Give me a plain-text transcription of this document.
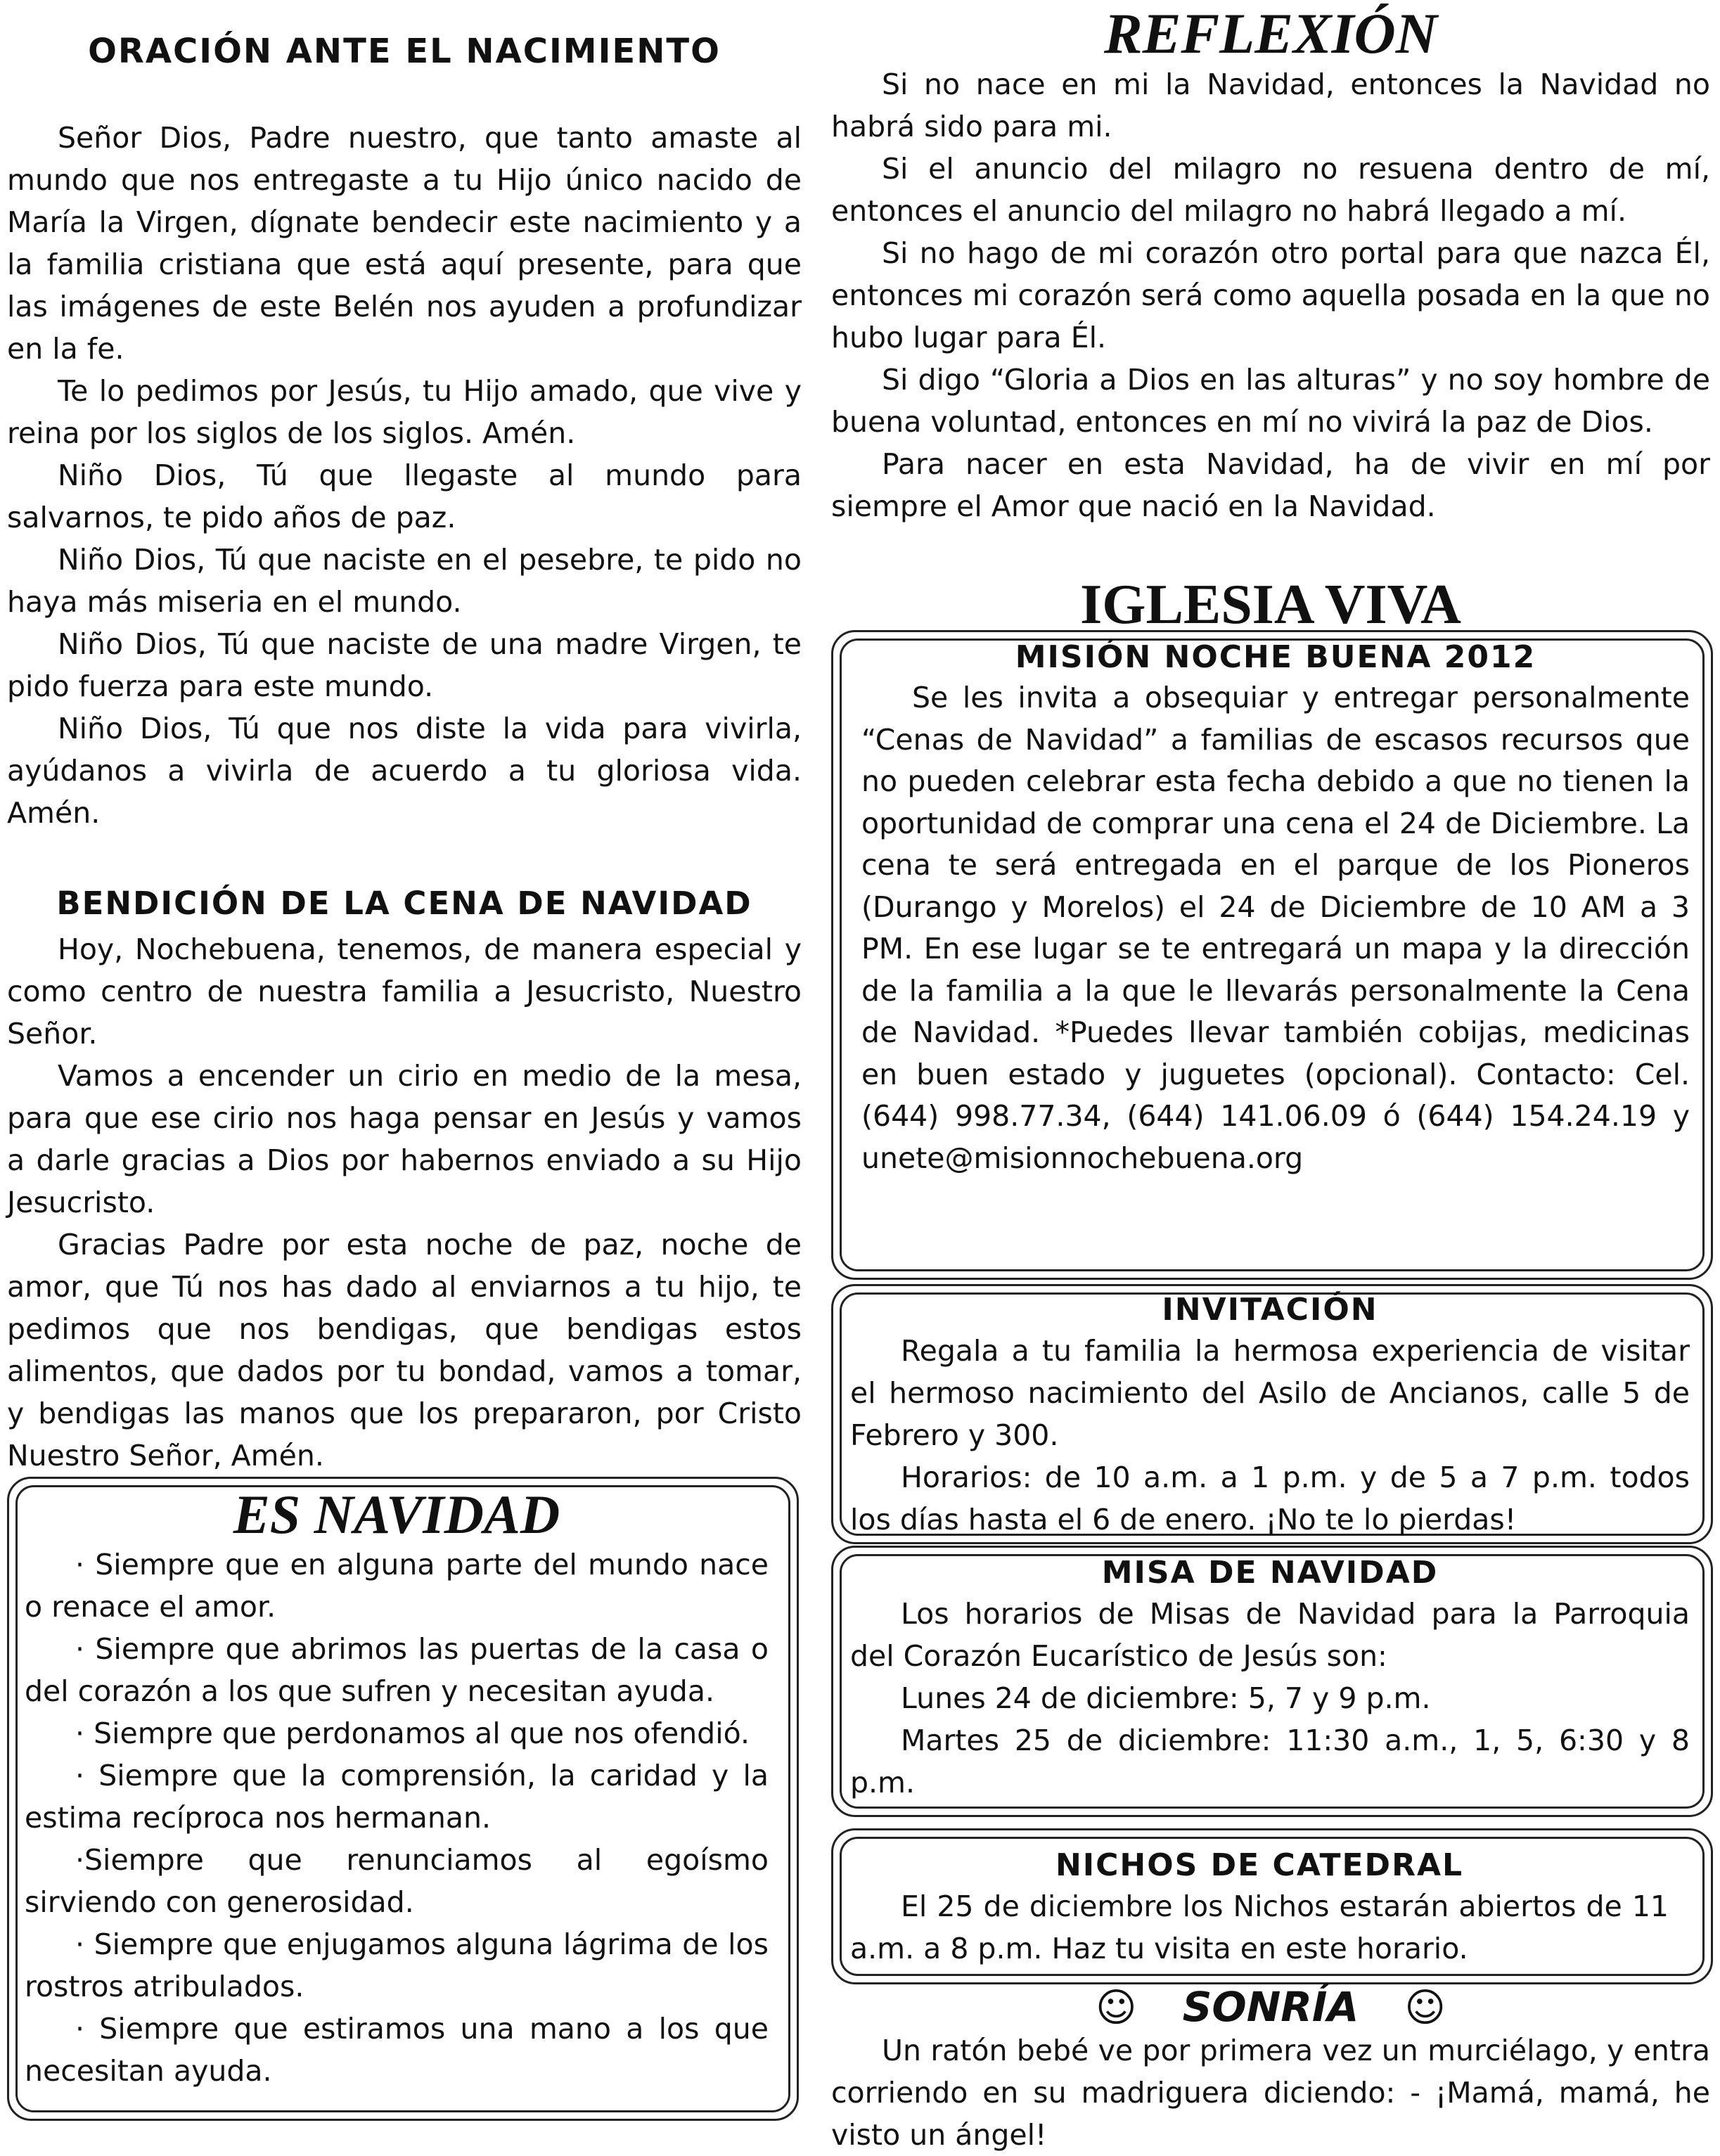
ORACIÓN ANTE EL NACIMIENTO

Señor Dios, Padre nuestro, que tanto amaste al mundo que nos entregaste a tu Hijo único nacido de María la Virgen, dígnate bendecir este nacimiento y a la familia cristiana que está aquí presente, para que las imágenes de este Belén nos ayuden a profundizar en la fe.

Te lo pedimos por Jesús, tu Hijo amado, que vive y reina por los siglos de los siglos. Amén.

Niño Dios, Tú que llegaste al mundo para salvarnos, te pido años de paz.

Niño Dios, Tú que naciste en el pesebre, te pido no haya más miseria en el mundo.

Niño Dios, Tú que naciste de una madre Virgen, te pido fuerza para este mundo.

Niño Dios, Tú que nos diste la vida para vivirla, ayúdanos a vivirla de acuerdo a tu gloriosa vida. Amén.

BENDICIÓN DE LA CENA DE NAVIDAD

Hoy, Nochebuena, tenemos, de manera especial y como centro de nuestra familia a Jesucristo, Nuestro Señor.

Vamos a encender un cirio en medio de la mesa, para que ese cirio nos haga pensar en Jesús y vamos a darle gracias a Dios por habernos enviado a su Hijo Jesucristo.

Gracias Padre por esta noche de paz, noche de amor, que Tú nos has dado al enviarnos a tu hijo, te pedimos que nos bendigas, que bendigas estos alimentos, que dados por tu bondad, vamos a tomar, y bendigas las manos que los prepararon, por Cristo Nuestro Señor, Amén.

ES NAVIDAD

· Siempre que en alguna parte del mundo nace o renace el amor.

· Siempre que abrimos las puertas de la casa o del corazón a los que sufren y necesitan ayuda.

· Siempre que perdonamos al que nos ofendió.

· Siempre que la comprensión, la caridad y la estima recíproca nos hermanan.

·Siempre que renunciamos al egoísmo sirviendo con generosidad.

· Siempre que enjugamos alguna lágrima de los rostros atribulados.

· Siempre que estiramos una mano a los que necesitan ayuda.

REFLEXIÓN

Si no nace en mi la Navidad, entonces la Navidad no habrá sido para mi.

Si el anuncio del milagro no resuena dentro de mí, entonces el anuncio del milagro no habrá llegado a mí.

Si no hago de mi corazón otro portal para que nazca Él, entonces mi corazón será como aquella posada en la que no hubo lugar para Él.

Si digo “Gloria a Dios en las alturas” y no soy hombre de buena voluntad, entonces en mí no vivirá la paz de Dios.

Para nacer en esta Navidad, ha de vivir en mí por siempre el Amor que nació en la Navidad.

IGLESIA VIVA
MISIÓN NOCHE BUENA 2012

Se les invita a obsequiar y entregar personalmente “Cenas de Navidad” a familias de escasos recursos que no pueden celebrar esta fecha debido a que no tienen la oportunidad de comprar una cena el 24 de Diciembre. La cena te será entregada en el parque de los Pioneros (Durango y Morelos) el 24 de Diciembre de 10 AM a 3 PM. En ese lugar se te entregará un mapa y la dirección de la familia a la que le llevarás personalmente la Cena de Navidad. *Puedes llevar también cobijas, medicinas en buen estado y juguetes (opcional). Contacto: Cel.(644) 998.77.34, (644) 141.06.09 ó (644) 154.24.19 y unete@misionnochebuena.org

INVITACIÓN

Regala a tu familia la hermosa experiencia de visitar el hermoso nacimiento del Asilo de Ancianos, calle 5 de Febrero y 300.

Horarios: de 10 a.m. a 1 p.m. y de 5 a 7 p.m. todos los días hasta el 6 de enero. ¡No te lo pierdas!

MISA DE NAVIDAD

Los horarios de Misas de Navidad para la Parroquia del Corazón Eucarístico de Jesús son:

Lunes 24 de diciembre: 5, 7 y 9 p.m.

Martes 25 de diciembre: 11:30 a.m., 1, 5, 6:30 y 8 p.m.

NICHOS DE CATEDRAL

El 25 de diciembre los Nichos estarán abiertos de 11 a.m. a 8 p.m. Haz tu visita en este horario.

☺ SONRÍA ☺

Un ratón bebé ve por primera vez un murciélago, y entra corriendo en su madriguera diciendo: - ¡Mamá, mamá, he visto un ángel!
